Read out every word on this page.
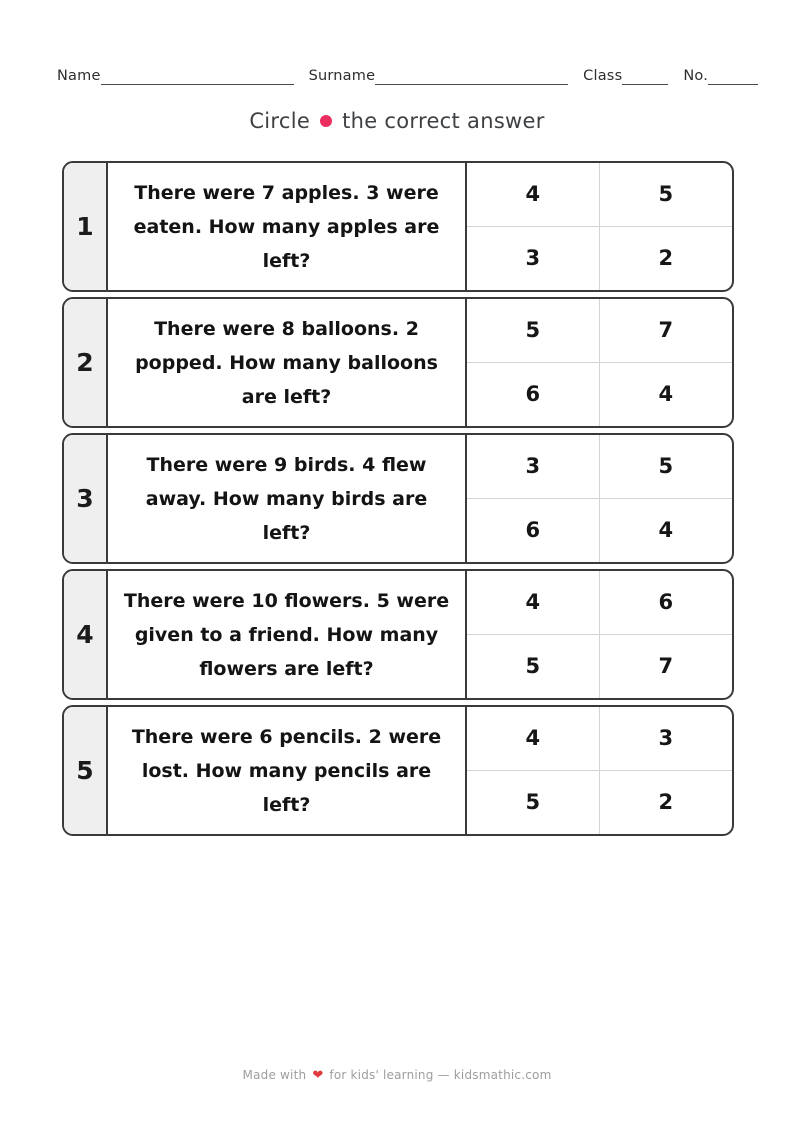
Name	Surname	Class	No.
Circle the correct answer
1
There were 7 apples. 3 were eaten. How many apples are left?
4	5
3	2
2
There were 8 balloons. 2 popped. How many balloons are left?
5	7
6	4
3
There were 9 birds. 4 flew away. How many birds are left?
3	5
6	4
4
There were 10 flowers. 5 were given to a friend. How many flowers are left?
4	6
5	7
5
There were 6 pencils. 2 were lost. How many pencils are left?
4	3
5	2
Made with ❤ for kids' learning — kidsmathic.com
